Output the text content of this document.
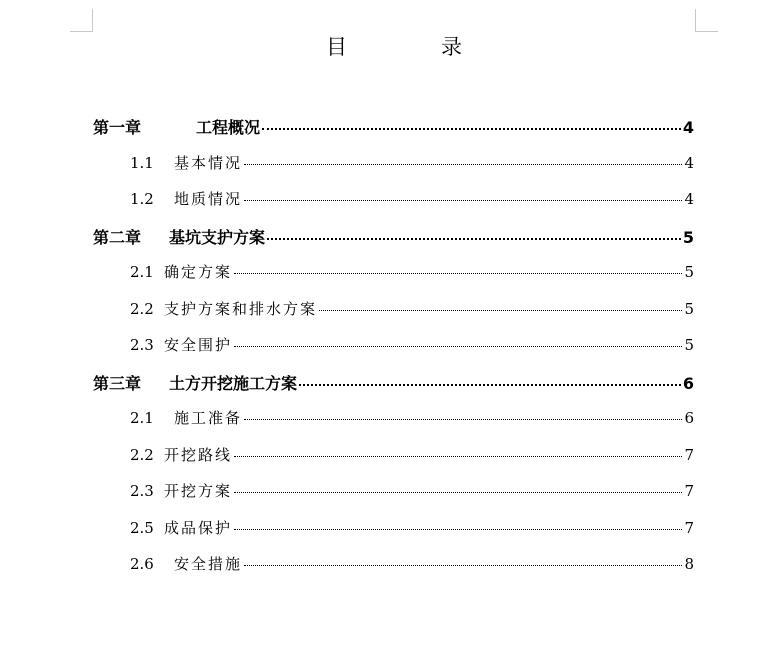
目	录
第一章	工程概况	4
1.1	基本情况	4
1.2	地质情况	4
第二章	基坑支护方案	5
2.1 确定方案	5
2.2 支护方案和排水方案	5
2.3 安全围护	5
第三章	土方开挖施工方案	6
2.1	施工准备	6
2.2 开挖路线	7
2.3 开挖方案	7
2.5 成品保护	7
2.6	安全措施	8
